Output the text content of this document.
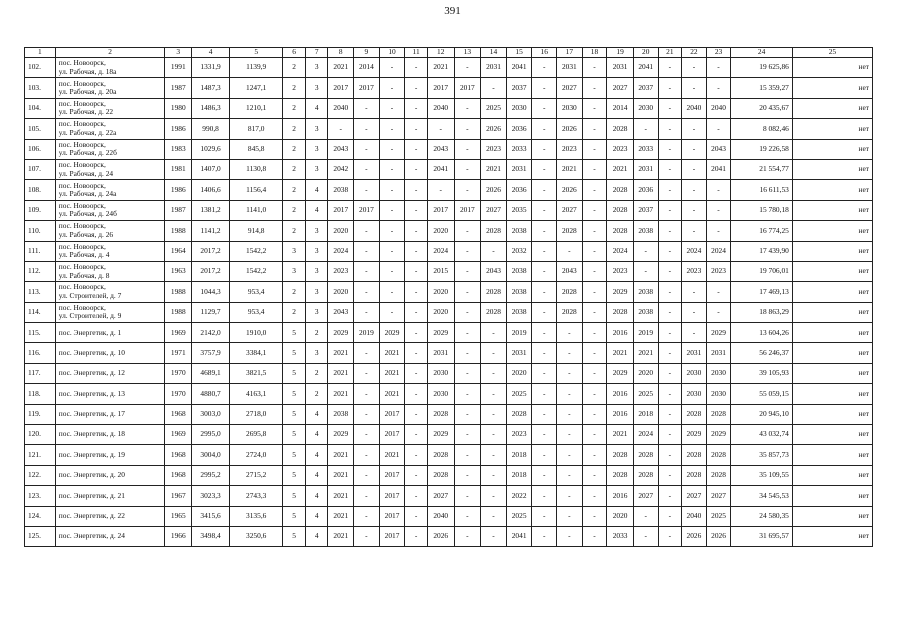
391
1	2	3	4	5	6	7	8	9	10	11	12	13	14	15	16	17	18	19	20	21	22	23	24	25
102.	пос. Новоорск,
ул. Рабочая, д. 18а	1991	1331,9	1139,9	2	3	2021	2014	-	-	2021	-	2031	2041	-	2031	-	2031	2041	-	-	-	19 625,86	нет
103.	пос. Новоорск,
ул. Рабочая, д. 20а	1987	1487,3	1247,1	2	3	2017	2017	-	-	2017	2017	-	2037	-	2027	-	2027	2037	-	-	-	15 359,27	нет
104.	пос. Новоорск,
ул. Рабочая, д. 22	1980	1486,3	1210,1	2	4	2040	-	-	-	2040	-	2025	2030	-	2030	-	2014	2030	-	2040	2040	20 435,67	нет
105.	пос. Новоорск,
ул. Рабочая, д. 22а	1986	990,8	817,0	2	3	-	-	-	-	-	-	2026	2036	-	2026	-	2028	-	-	-	-	8 082,46	нет
106.	пос. Новоорск,
ул. Рабочая, д. 22б	1983	1029,6	845,8	2	3	2043	-	-	-	2043	-	2023	2033	-	2023	-	2023	2033	-	-	2043	19 226,58	нет
107.	пос. Новоорск,
ул. Рабочая, д. 24	1981	1407,0	1130,8	2	3	2042	-	-	-	2041	-	2021	2031	-	2021	-	2021	2031	-	-	2041	21 554,77	нет
108.	пос. Новоорск,
ул. Рабочая, д. 24а	1986	1406,6	1156,4	2	4	2038	-	-	-	-	-	2026	2036	-	2026	-	2028	2036	-	-	-	16 611,53	нет
109.	пос. Новоорск,
ул. Рабочая, д. 24б	1987	1381,2	1141,0	2	4	2017	2017	-	-	2017	2017	2027	2035	-	2027	-	2028	2037	-	-	-	15 780,18	нет
110.	пос. Новоорск,
ул. Рабочая, д. 26	1988	1141,2	914,8	2	3	2020	-	-	-	2020	-	2028	2038	-	2028	-	2028	2038	-	-	-	16 774,25	нет
111.	пос. Новоорск,
ул. Рабочая, д. 4	1964	2017,2	1542,2	3	3	2024	-	-	-	2024	-	-	2032	-	-	-	2024	-	-	2024	2024	17 439,90	нет
112.	пос. Новоорск,
ул. Рабочая, д. 8	1963	2017,2	1542,2	3	3	2023	-	-	-	2015	-	2043	2038	-	2043	-	2023	-	-	2023	2023	19 706,01	нет
113.	пос. Новоорск,
ул. Строителей, д. 7	1988	1044,3	953,4	2	3	2020	-	-	-	2020	-	2028	2038	-	2028	-	2029	2038	-	-	-	17 469,13	нет
114.	пос. Новоорск,
ул. Строителей, д. 9	1988	1129,7	953,4	2	3	2043	-	-	-	2020	-	2028	2038	-	2028	-	2028	2038	-	-	-	18 863,29	нет
115.	пос. Энергетик, д. 1	1969	2142,0	1910,0	5	2	2029	2019	2029	-	2029	-	-	2019	-	-	-	2016	2019	-	-	2029	13 604,26	нет
116.	пос. Энергетик, д. 10	1971	3757,9	3384,1	5	3	2021	-	2021	-	2031	-	-	2031	-	-	-	2021	2021	-	2031	2031	56 246,37	нет
117.	пос. Энергетик, д. 12	1970	4689,1	3821,5	5	2	2021	-	2021	-	2030	-	-	2020	-	-	-	2029	2020	-	2030	2030	39 105,93	нет
118.	пос. Энергетик, д. 13	1970	4880,7	4163,1	5	2	2021	-	2021	-	2030	-	-	2025	-	-	-	2016	2025	-	2030	2030	55 059,15	нет
119.	пос. Энергетик, д. 17	1968	3003,0	2718,0	5	4	2038	-	2017	-	2028	-	-	2028	-	-	-	2016	2018	-	2028	2028	20 945,10	нет
120.	пос. Энергетик, д. 18	1969	2995,0	2695,8	5	4	2029	-	2017	-	2029	-	-	2023	-	-	-	2021	2024	-	2029	2029	43 032,74	нет
121.	пос. Энергетик, д. 19	1968	3004,0	2724,0	5	4	2021	-	2021	-	2028	-	-	2018	-	-	-	2028	2028	-	2028	2028	35 857,73	нет
122.	пос. Энергетик, д. 20	1968	2995,2	2715,2	5	4	2021	-	2017	-	2028	-	-	2018	-	-	-	2028	2028	-	2028	2028	35 109,55	нет
123.	пос. Энергетик, д. 21	1967	3023,3	2743,3	5	4	2021	-	2017	-	2027	-	-	2022	-	-	-	2016	2027	-	2027	2027	34 545,53	нет
124.	пос. Энергетик, д. 22	1965	3415,6	3135,6	5	4	2021	-	2017	-	2040	-	-	2025	-	-	-	2020	-	-	2040	2025	24 580,35	нет
125.	пос. Энергетик, д. 24	1966	3498,4	3250,6	5	4	2021	-	2017	-	2026	-	-	2041	-	-	-	2033	-	-	2026	2026	31 695,57	нет
